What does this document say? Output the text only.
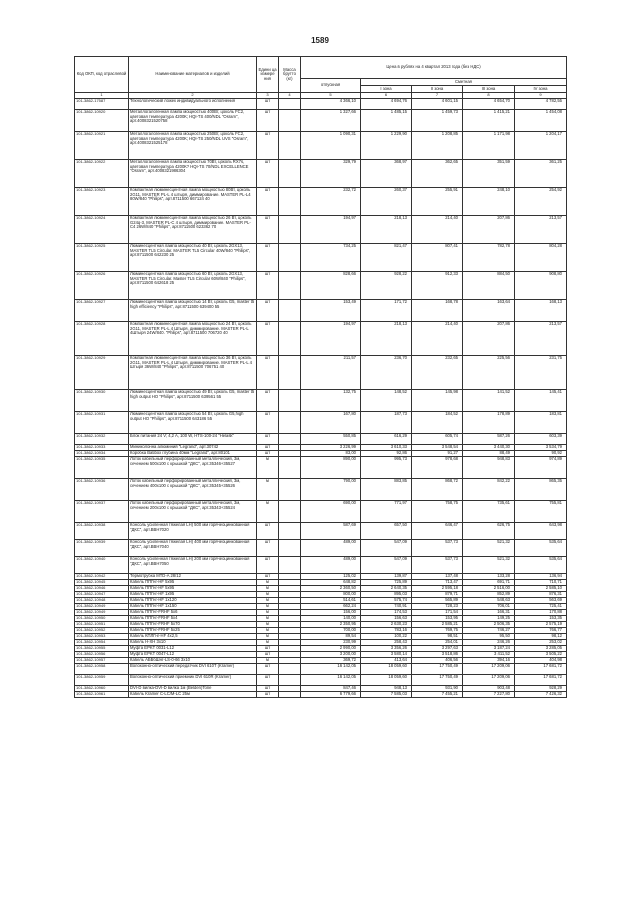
1589
Код ОКП, код отраслевой	Наименование материалов и изделий	Едини ца измере ния	Масса брутто (кг)	Цена в рублях на 4 квартал 2013 года (без НДС)				
				отпускная	Сметная			
					I зона	II зона	III зона	IV зона
1	2	3	4	5	6	7	8	9
101-3862-17587	Технологический ложек индивидуального исполнения	шт		4 366,10	4 694,76	4 601,15	4 654,70	4 782,55
101-3862-10920	Металлогалогенная лампа мощностью 400Вт, цоколь FC2, цветовая температура 4200К; HQI-TS 400/NDL "Osram", арт.4008321520758	шт		1 327,66	1 485,15	1 459,73	1 415,21	1 454,08
101-3862-10921	Металлогалогенная лампа мощностью 250Вт, цоколь FC2, цветовая температура 4200К; HQI-TS 250/NDL UVS "Osram", арт.4008321525178	шт		1 090,31	1 229,90	1 208,85	1 171,98	1 204,17
101-3862-10922	Металлогалогенная лампа мощностью 70Вт, цоколь RX7s, цветовая температура 4200К? HQI-TS 70/NDL EXCELLENCE "Osram", арт.4008321986304	шт		329,79	368,97	362,65	351,59	361,25
101-3862-10923	Компактная люминесцентная лампа мощностью 80Вт, цоколь 2G11, MASTER PL-L 4 штыря, диммирование. MASTER PL-L4 80W/840 "Philips", арт.8711500 667124 40	шт		232,72	260,37	255,91	248,10	254,92
101-3862-10924	Компактная люминесцентная лампа мощностью 26 Вт, цоколь G24q-3, MASTER PL-C 4 штыря, диммирование. MASTER PL-C4 26W/840 "Philips", арт.8711500 623362 70	шт		194,97	218,13	214,40	207,86	213,57
101-3862-10925	Люминесцентная лампа мощностью 40 Вт, цоколь 2GX13, MASTER TL5 Circular. MASTER TL5 Circular 40W/840 "Philips", арт.8711500 642230 25	шт		734,25	821,47	807,41	782,78	804,28
101-3862-10926	Люминесцентная лампа мощностью 60 Вт, цоколь 2GX13, MASTER TL5 Circular. Master TL5 Circular 60W/840 "Philips", арт.8711500 642618 25	шт		828,66	928,22	912,33	884,50	908,80
101-3862-10927	Люминесцентная лампа мощностью 14 Вт, цоколь G5, master t5 high efficiency "Philips", арт.8711500 639400 55	шт		153,49	171,72	168,78	163,64	168,13
101-3862-10928	Компактная люминесцентная лампа мощностью 24 Вт, цоколь 2G11, MASTER PL-L 4 Штыря, диммирование. MASTER PL-L 4Штыря 24W/840. "Philips", арт.8711500 706720 40	шт		194,97	218,13	214,40	207,86	213,57
101-3862-10929	Компактная люминесцентная лампа мощностью 36 Вт, цоколь 2G11, MASTER PL-L 4 Штыря, диммирование. MASTER PL-L 4 Штыря 36W/840 "Philips", арт.8711500 706751 40	шт		211,57	236,70	232,65	225,56	231,75
101-3862-10930	Люминесцентная лампа мощностью 49 Вт, цоколь G5, master t5 high output HO "Philips", арт.8711500 639561 55	шт		132,75	148,52	145,98	141,52	145,41
101-3862-10931	Люминесцентная лампа мощностью 54 Вт, цоколь G5,high output HO "Philips", арт.8711500 643186 55	шт		167,80	187,73	184,52	178,89	183,81
101-3862-10932	Блок питания 24 V; 4,2 A, 100 W, HTS-100-24 "Helask"	шт		550,85	616,29	605,74	587,26	603,39
101-3862-10933	Миниколонна алюминий "Legrand", арт.30742	шт		3 226,99	3 610,33	3 548,54	3 440,30	3 534,79
101-3862-10934	Коробка Batibox глубина 40мм "Legrand", арт.80101	шт		83,00	92,86	91,27	88,49	90,92
101-3862-10935	Лоток кабельный перфорированный металлический, 3м, сечением 500х100 с крышкой "ДКС", арт.35346+35527	м		890,00	995,73	978,68	948,83	974,89
101-3862-10936	Лоток кабельный перфорированный металлический, 3м, сечением 400х100 с крышкой "ДКС", арт.35345+35526	м		790,00	883,85	868,72	842,22	865,35
101-3862-10937	Лоток кабельный перфорированный металлический, 3м, сечением 200х100 с крышкой "ДКС", арт.35343+35524	м		690,00	771,97	758,75	735,61	755,81
101-3862-10938	Консоль усиленная тяжелая LH) 500 мм горячеоцинкованная "ДКС", арт.BBH7020	шт		587,69	657,50	646,47	626,75	643,98
101-3862-10939	Консоль усиленная тяжелая LH) 400 мм горячеоцинкованная "ДКС", арт.BBH7040	шт		489,00	547,09	537,73	521,32	535,64
101-3862-10940	Консоль усиленная тяжелая LH) 200 мм горячеоцинкованная "ДКС", арт.BBH7050	шт		489,00	547,09	537,73	521,32	535,64
101-3862-10942	Термотрубка MTD-A 28/12	шт		125,02	139,87	137,48	133,28	136,94
101-3862-10945	Кабель ППГнг-HF 5х95	м		648,82	725,89	713,47	691,71	710,71
101-3862-10946	Кабель ППГнг-HF 5х95	м		2 360,50	2 640,35	2 595,18	2 516,00	2 585,10
101-3862-10947	Кабель ППГнг-HF 1х95	м		800,00	895,03	879,71	852,89	876,31
101-3862-10948	Кабель ППГнг-HF 1х120	м		514,61	575,74	565,89	548,63	563,69
101-3862-10949	Кабель ППГнг-HF 1х150	м		662,24	740,91	728,23	706,01	725,41
101-3862-10949	Кабель ППГнг-FRHF 5х6	м		156,00	174,53	171,54	166,31	170,88
101-3862-10950	Кабель ППГнг-FRHF 5х4	м		140,00	156,63	153,95	149,25	153,35
101-3862-10951	Кабель ППГнг-FRHF 5х70	м		2 350,95	2 630,23	2 585,21	2 506,35	2 575,19
101-3862-10952	Кабель ППГнг-FRHF 5х25	м		700,00	783,16	769,75	746,27	766,77
101-3862-10953	Кабель КПЛГнг-HF 4х2,5	м		89,54	100,22	98,51	95,50	98,12
101-3862-10954	Кабель Н-ХН 3х10	м		230,99	258,43	254,01	246,26	253,02
101-3862-10955	Муфта EPKT 0031-L12	шт		2 990,00	3 356,26	3 297,63	3 187,24	3 285,05
101-3862-10956	Муфта EPKT 0047-L12	шт		3 200,00	3 580,14	3 518,86	3 411,52	3 505,22
101-3862-10957	Кабель АББбШнг-LS-0-66 3х10	м		369,72	413,64	406,56	394,16	404,98
101-3862-10958	Волоконно-оптический передатчик DVI 610T (Kramer)	шт		16 142,05	18 059,60	17 750,49	17 209,06	17 681,72
101-3862-10959	Волоконно-оптический приемник DVI 610R (Kramer)	шт		16 142,05	18 059,60	17 750,49	17 209,06	17 681,72
101-3862-10960	DVI-D вилка-DVI-D вилка 1м (Belden)Tone	шт		847,46	948,13	931,90	903,48	928,29
101-3862-10961	Кабель Kramer C-LC/M-LC 25м	шт		6 779,66	7 585,03	7 455,21	7 227,80	7 426,32
